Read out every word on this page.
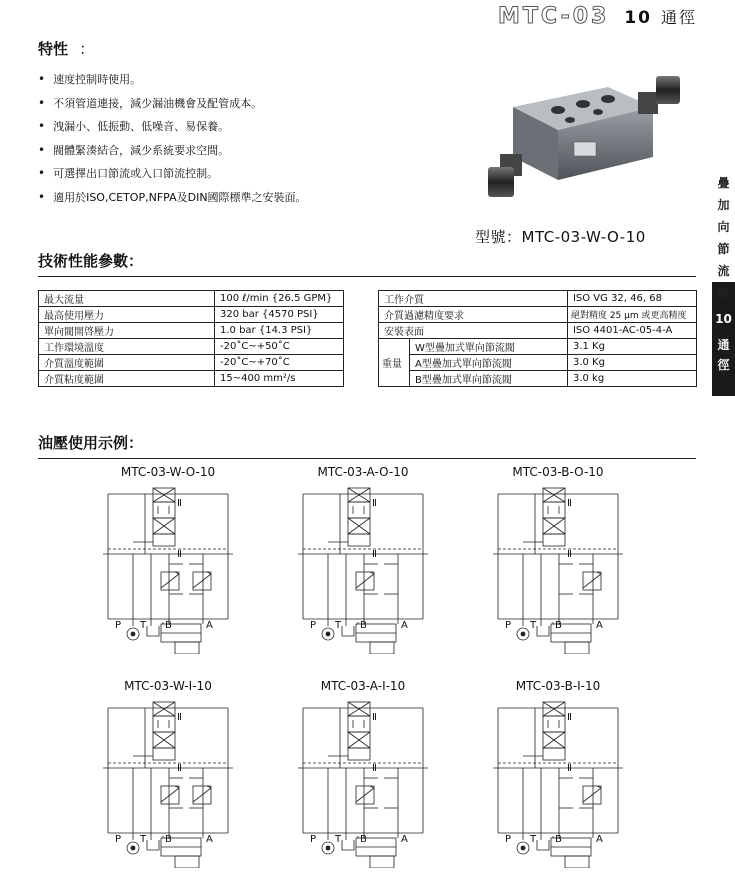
MTC-03 10 通徑
特性 ：
• 速度控制時使用。
• 不須管道連接，減少漏油機會及配管成本。
• 洩漏小、低振動、低噪音、易保養。
• 閥體緊湊結合，減少系統要求空間。
• 可選擇出口節流或入口節流控制。
• 適用於ISO,CETOP,NFPA及DIN國際標準之安裝面。
型號：MTC-03-W-O-10
技術性能參數：
最大流量	100 ℓ/min {26.5 GPM}
最高使用壓力	320 bar {4570 PSI}
單向閥開啓壓力	1.0 bar {14.3 PSI}
工作環境溫度	-20˚C~+50˚C
介質溫度範圍	-20˚C~+70˚C
介質粘度範圍	15~400 mm²/s
工作介質		ISO VG 32, 46, 68
介質過濾精度要求		絕對精度 25 μm 或更高精度
安裝表面		ISO 4401-AC-05-4-A
重量	W型疊加式單向節流閥	3.1 Kg
	A型疊加式單向節流閥	3.0 Kg
	B型疊加式單向節流閥	3.0 kg
油壓使用示例：
MTC-03-W-O-10
P T B	A
Ⅱ
Ⅱ
MTC-03-A-O-10
P T B	A
Ⅱ
Ⅱ
MTC-03-B-O-10
P T B	A
Ⅱ
Ⅱ
MTC-03-W-I-10
P T B	A
Ⅱ
Ⅱ
MTC-03-A-I-10
P T B	A
Ⅱ
Ⅱ
MTC-03-B-I-10
P T B	A
Ⅱ
Ⅱ
疊
加
向
節
流
閥
10
通
徑
